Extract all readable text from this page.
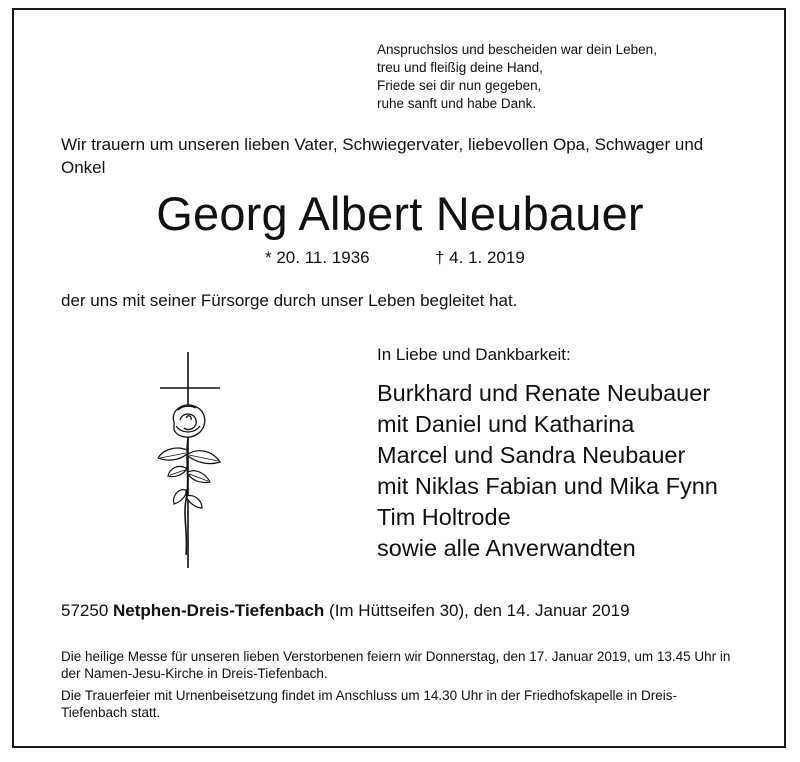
Anspruchslos und bescheiden war dein Leben,
treu und fleißig deine Hand,
Friede sei dir nun gegeben,
ruhe sanft und habe Dank.
Wir trauern um unseren lieben Vater, Schwiegervater, liebevollen Opa, Schwager und Onkel
Georg Albert Neubauer
* 20. 11. 1936	† 4. 1. 2019
der uns mit seiner Fürsorge durch unser Leben begleitet hat.
In Liebe und Dankbarkeit:
Burkhard und Renate Neubauer
mit Daniel und Katharina
Marcel und Sandra Neubauer
mit Niklas Fabian und Mika Fynn
Tim Holtrode
sowie alle Anverwandten
57250 Netphen-Dreis-Tiefenbach (Im Hüttseifen 30), den 14. Januar 2019
Die heilige Messe für unseren lieben Verstorbenen feiern wir Donnerstag, den 17. Januar 2019, um 13.45 Uhr in der Namen-Jesu-Kirche in Dreis-Tiefenbach.
Die Trauerfeier mit Urnenbeisetzung findet im Anschluss um 14.30 Uhr in der Friedhofskapelle in Dreis-Tiefenbach statt.
